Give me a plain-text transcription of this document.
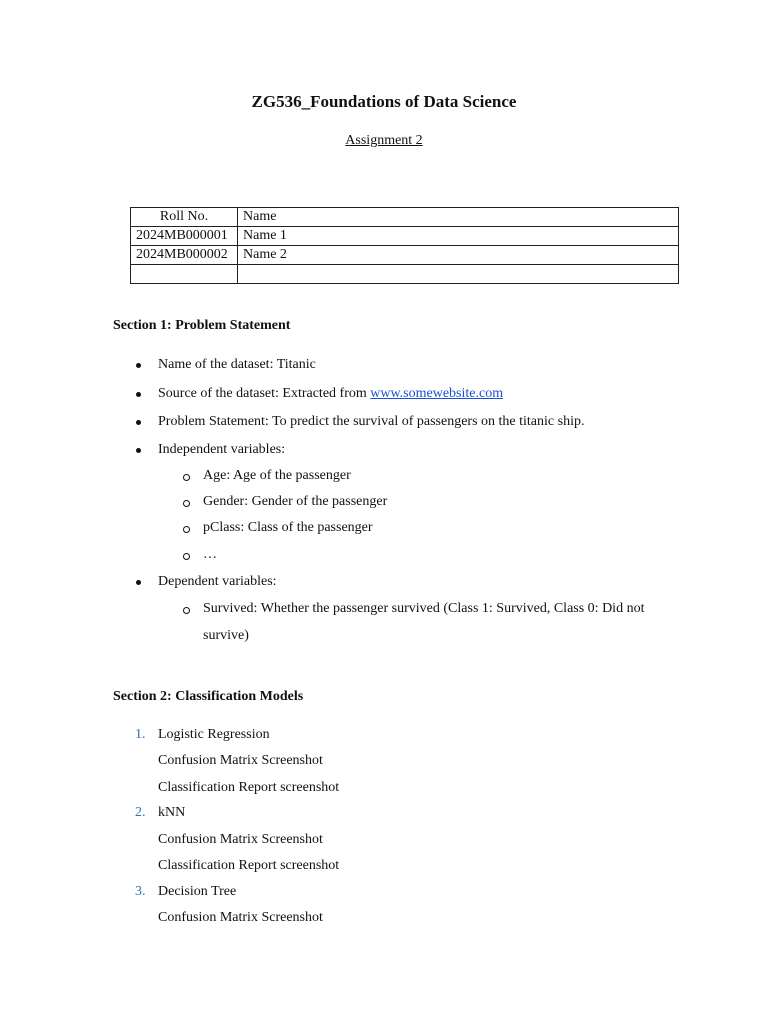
ZG536_Foundations of Data Science
Assignment 2
Roll No.	Name
2024MB000001	Name 1
2024MB000002	Name 2

Section 1: Problem Statement
Name of the dataset: Titanic
Source of the dataset: Extracted from www.somewebsite.com
Problem Statement: To predict the survival of passengers on the titanic ship.
Independent variables:
Age: Age of the passenger
Gender: Gender of the passenger
pClass: Class of the passenger
…
Dependent variables:
Survived: Whether the passenger survived (Class 1: Survived, Class 0: Did not
survive)
Section 2: Classification Models
1. Logistic Regression
Confusion Matrix Screenshot
Classification Report screenshot
2. kNN
Confusion Matrix Screenshot
Classification Report screenshot
3. Decision Tree
Confusion Matrix Screenshot
